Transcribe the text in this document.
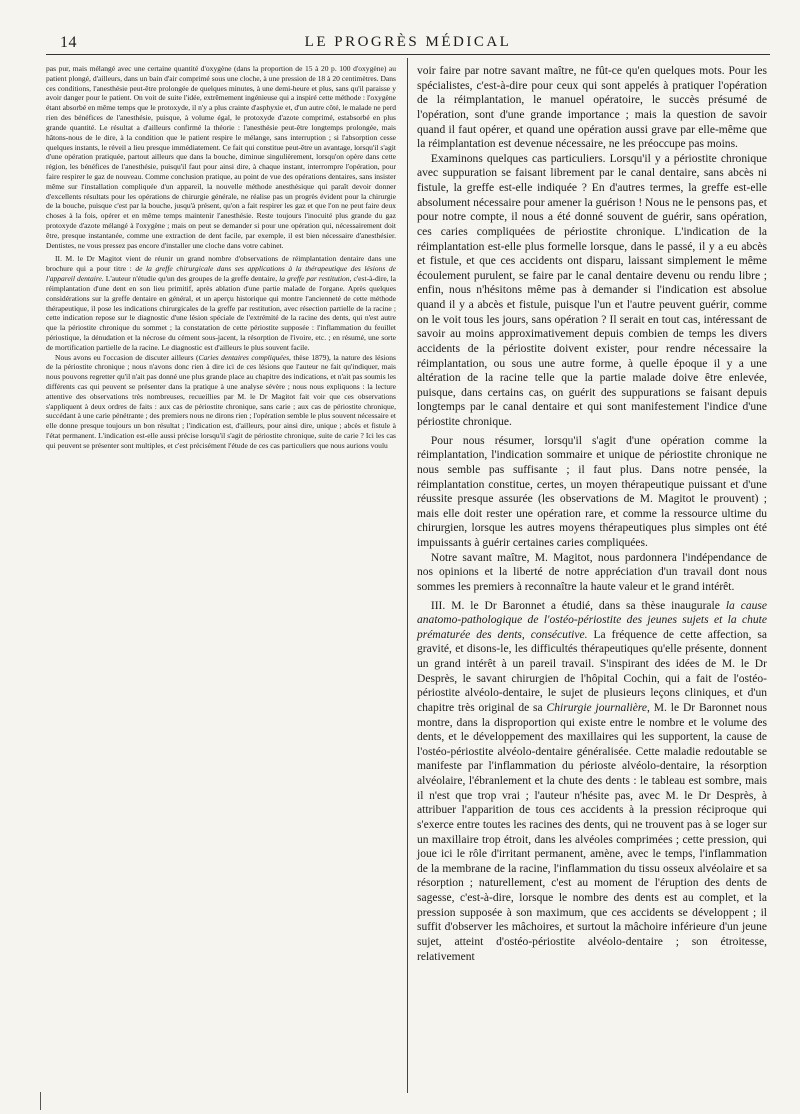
14	LE PROGRÈS MÉDICAL

pas pur, mais mélangé avec une certaine quantité d'oxygène (dans la proportion de 15 à 20 p. 100 d'oxygène) au patient plongé, d'ailleurs, dans un bain d'air comprimé sous une cloche, à une pression de 18 à 20 centimètres. Dans ces conditions, l'anesthésie peut-être prolongée de quelques minutes, à une demi-heure et plus, sans qu'il paraisse y avoir danger pour le patient. On voit de suite l'idée, extrêmement ingénieuse qui a inspiré cette méthode : l'oxygène étant absorbé en même temps que le protoxyde, il n'y a plus crainte d'asphyxie et, d'un autre côté, le malade ne perd rien des bénéfices de l'anesthésie, puisque, à volume égal, le protoxyde d'azote comprimé, estabsorbé en plus grande quantité. Le résultat a d'ailleurs confirmé la théorie : l'anesthésie peut-être longtemps prolongée, mais hâtons-nous de le dire, à la condition que le patient respire le mélange, sans interruption ; si l'absorption cesse quelques instants, le réveil a lieu presque immédiatement. Ce fait qui constitue peut-être un avantage, lorsqu'il s'agit d'une opération pratiquée, partout ailleurs que dans la bouche, diminue singulièrement, lorsqu'on opère dans cette région, les bénéfices de l'anesthésie, puisqu'il faut pour ainsi dire, à chaque instant, interrompre l'opération, pour faire respirer le gaz de nouveau. Comme conclusion pratique, au point de vue des opérations dentaires, sans insister même sur l'installation compliquée d'un appareil, la nouvelle méthode anesthésique qui paraît devoir donner d'excellents résultats pour les opérations de chirurgie générale, ne réalise pas un progrès évident pour la chirurgie de la bouche, puisque c'est par la bouche, jusqu'à présent, qu'on a fait respirer les gaz et que l'on ne peut faire deux choses à la fois, opérer et en même temps maintenir l'anesthésie. Reste toujours l'inocuité plus grande du gaz protoxyde d'azote mélangé à l'oxygène ; mais on peut se demander si pour une opération qui, nécessairement doit être, presque instantanée, comme une extraction de dent facile, par exemple, il est bien nécessaire d'anesthésier. Dentistes, ne vous pressez pas encore d'installer une cloche dans votre cabinet.

II. M. le Dr Magitot vient de réunir un grand nombre d'observations de réimplantation dentaire dans une brochure qui a pour titre : de la greffe chirurgicale dans ses applications à la thérapeutique des lésions de l'appareil dentaire. L'auteur n'étudie qu'un des groupes de la greffe dentaire, la greffe par restitution, c'est-à-dire, la réimplantation d'une dent en son lieu primitif, après ablation d'une partie malade de l'organe. Après quelques considérations sur la greffe dentaire en général, et un aperçu historique qui montre l'ancienneté de cette méthode thérapeutique, il pose les indications chirurgicales de la greffe par restitution, avec résection partielle de la racine ; cette indication repose sur le diagnostic d'une lésion spéciale de l'extrémité de la racine des dents, qui n'est autre que la périostite chronique du sommet ; la constatation de cette périostite supposée : l'inflammation du feuillet périostique, la dénudation et la nécrose du cément sous-jacent, la résorption de l'ivoire, etc. ; en résumé, une sorte de mortification partielle de la racine. Le diagnostic est d'ailleurs le plus souvent facile.

Nous avons eu l'occasion de discuter ailleurs (Caries dentaires compliquées, thèse 1879), la nature des lésions de la périostite chronique ; nous n'avons donc rien à dire ici de ces lésions que l'auteur ne fait qu'indiquer, mais nous pouvons regretter qu'il n'ait pas donné une plus grande place au chapitre des indications, et n'ait pas soumis les différents cas qui peuvent se présenter dans la pratique à une analyse sévère ; nous nous expliquons : la lecture attentive des observations très nombreuses, recueillies par M. le Dr Magitot fait voir que ces observations s'appliquent à deux ordres de faits : aux cas de périostite chronique, sans carie ; aux cas de périostite chronique, succédant à une carie pénétrante ; des premiers nous ne dirons rien ; l'opération semble le plus souvent nécessaire et elle donne presque toujours un bon résultat ; l'indication est, d'ailleurs, pour ainsi dire, unique ; abcès et fistule à l'état permanent. L'indication est-elle aussi précise lorsqu'il s'agit de périostite chronique, suite de carie ? Ici les cas qui peuvent se présenter sont multiples, et c'est précisément l'étude de ces cas particuliers que nous aurions voulu

voir faire par notre savant maître, ne fût-ce qu'en quelques mots. Pour les spécialistes, c'est-à-dire pour ceux qui sont appelés à pratiquer l'opération de la réimplantation, le manuel opératoire, le succès présumé de l'opération, sont d'une grande importance ; mais la question de savoir quand il faut opérer, et quand une opération aussi grave par elle-même que la réimplantation est devenue nécessaire, ne les préoccupe pas moins.

Examinons quelques cas particuliers. Lorsqu'il y a périostite chronique avec suppuration se faisant librement par le canal dentaire, sans abcès ni fistule, la greffe est-elle indiquée ? En d'autres termes, la greffe est-elle absolument nécessaire pour amener la guérison ! Nous ne le pensons pas, et pour notre compte, il nous a été donné souvent de guérir, sans opération, ces caries compliquées de périostite chronique. L'indication de la réimplantation est-elle plus formelle lorsque, dans le passé, il y a eu abcès et fistule, et que ces accidents ont disparu, laissant simplement le même écoulement purulent, se faire par le canal dentaire devenu ou rendu libre ; enfin, nous n'hésitons même pas à demander si l'indication est absolue quand il y a abcès et fistule, puisque l'un et l'autre peuvent guérir, comme on le voit tous les jours, sans opération ? Il serait en tout cas, intéressant de savoir au moins approximativement depuis combien de temps les divers accidents de la périostite doivent exister, pour rendre nécessaire la réimplantation, ou sous une autre forme, à quelle époque il y a une altération de la racine telle que la partie malade doive être enlevée, puisque, dans certains cas, on guérit des suppurations se faisant depuis longtemps par le canal dentaire et qui sont manifestement l'indice d'une périostite chronique.

Pour nous résumer, lorsqu'il s'agit d'une opération comme la réimplantation, l'indication sommaire et unique de périostite chronique ne nous semble pas suffisante ; il faut plus. Dans notre pensée, la réimplantation constitue, certes, un moyen thérapeutique puissant et d'une réussite presque assurée (les observations de M. Magitot le prouvent) ; mais elle doit rester une opération rare, et comme la ressource ultime du chirurgien, lorsque les autres moyens thérapeutiques plus simples ont été impuissants à guérir certaines caries compliquées.

Notre savant maître, M. Magitot, nous pardonnera l'indépendance de nos opinions et la liberté de notre appréciation d'un travail dont nous sommes les premiers à reconnaître la haute valeur et le grand intérêt.

III. M. le Dr Baronnet a étudié, dans sa thèse inaugurale la cause anatomo-pathologique de l'ostéo-périostite des jeunes sujets et la chute prématurée des dents, consécutive. La fréquence de cette affection, sa gravité, et disons-le, les difficultés thérapeutiques qu'elle présente, donnent un grand intérêt à un pareil travail. S'inspirant des idées de M. le Dr Desprès, le savant chirurgien de l'hôpital Cochin, qui a fait de l'ostéo-périostite alvéolo-dentaire, le sujet de plusieurs leçons cliniques, et d'un chapitre très original de sa Chirurgie journalière, M. le Dr Baronnet nous montre, dans la disproportion qui existe entre le nombre et le volume des dents, et le développement des maxillaires qui les supportent, la cause de l'ostéo-périostite alvéolo-dentaire généralisée. Cette maladie redoutable se manifeste par l'inflammation du périoste alvéolo-dentaire, la résorption alvéolaire, l'ébranlement et la chute des dents : le tableau est sombre, mais il n'est que trop vrai ; l'auteur n'hésite pas, avec M. le Dr Desprès, à attribuer l'apparition de tous ces accidents à la pression réciproque qui s'exerce entre toutes les racines des dents, qui ne trouvent pas à se loger sur un maxillaire trop étroit, dans les alvéoles comprimées ; cette pression, qui joue ici le rôle d'irritant permanent, amène, avec le temps, l'inflammation de la membrane de la racine, l'inflammation du tissu osseux alvéolaire et sa résorption ; naturellement, c'est au moment de l'éruption des dents de sagesse, c'est-à-dire, lorsque le nombre des dents est au complet, et la pression supposée à son maximum, que ces accidents se développent ; il suffit d'observer les mâchoires, et surtout la mâchoire inférieure d'un jeune sujet, atteint d'ostéo-périostite alvéolo-dentaire ; son étroitesse, relativement
